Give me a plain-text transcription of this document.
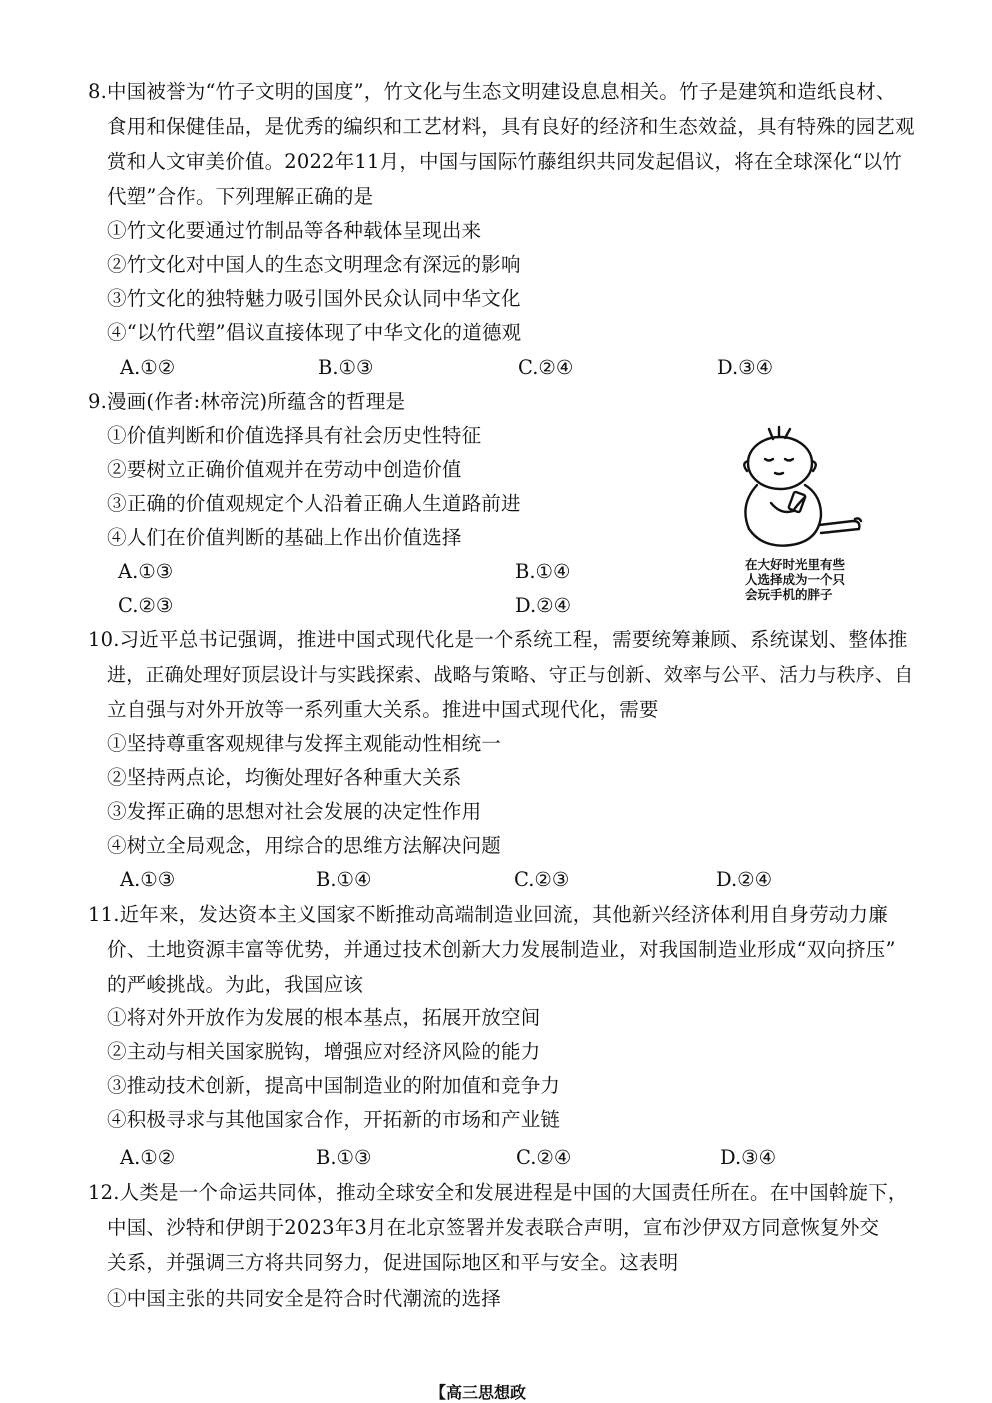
8.中国被誉为“竹子文明的国度”，竹文化与生态文明建设息息相关。竹子是建筑和造纸良材、
食用和保健佳品，是优秀的编织和工艺材料，具有良好的经济和生态效益，具有特殊的园艺观
赏和人文审美价值。2022年11月，中国与国际竹藤组织共同发起倡议，将在全球深化“以竹
代塑”合作。下列理解正确的是
①竹文化要通过竹制品等各种载体呈现出来
②竹文化对中国人的生态文明理念有深远的影响
③竹文化的独特魅力吸引国外民众认同中华文化
④“以竹代塑”倡议直接体现了中华文化的道德观
A.①②	B.①③	C.②④	D.③④
9.漫画(作者:林帝浣)所蕴含的哲理是
①价值判断和价值选择具有社会历史性特征
②要树立正确价值观并在劳动中创造价值
③正确的价值观规定个人沿着正确人生道路前进
④人们在价值判断的基础上作出价值选择
A.①③	B.①④
C.②③	D.②④
在大好时光里有些
人选择成为一个只
会玩手机的胖子
10.习近平总书记强调，推进中国式现代化是一个系统工程，需要统筹兼顾、系统谋划、整体推
进，正确处理好顶层设计与实践探索、战略与策略、守正与创新、效率与公平、活力与秩序、自
立自强与对外开放等一系列重大关系。推进中国式现代化，需要
①坚持尊重客观规律与发挥主观能动性相统一
②坚持两点论，均衡处理好各种重大关系
③发挥正确的思想对社会发展的决定性作用
④树立全局观念，用综合的思维方法解决问题
A.①③	B.①④	C.②③	D.②④
11.近年来，发达资本主义国家不断推动高端制造业回流，其他新兴经济体利用自身劳动力廉
价、土地资源丰富等优势，并通过技术创新大力发展制造业，对我国制造业形成“双向挤压”
的严峻挑战。为此，我国应该
①将对外开放作为发展的根本基点，拓展开放空间
②主动与相关国家脱钩，增强应对经济风险的能力
③推动技术创新，提高中国制造业的附加值和竞争力
④积极寻求与其他国家合作，开拓新的市场和产业链
A.①②	B.①③	C.②④	D.③④
12.人类是一个命运共同体，推动全球安全和发展进程是中国的大国责任所在。在中国斡旋下，
中国、沙特和伊朗于2023年3月在北京签署并发表联合声明，宣布沙伊双方同意恢复外交
关系，并强调三方将共同努力，促进国际地区和平与安全。这表明
①中国主张的共同安全是符合时代潮流的选择
【高三思想政
